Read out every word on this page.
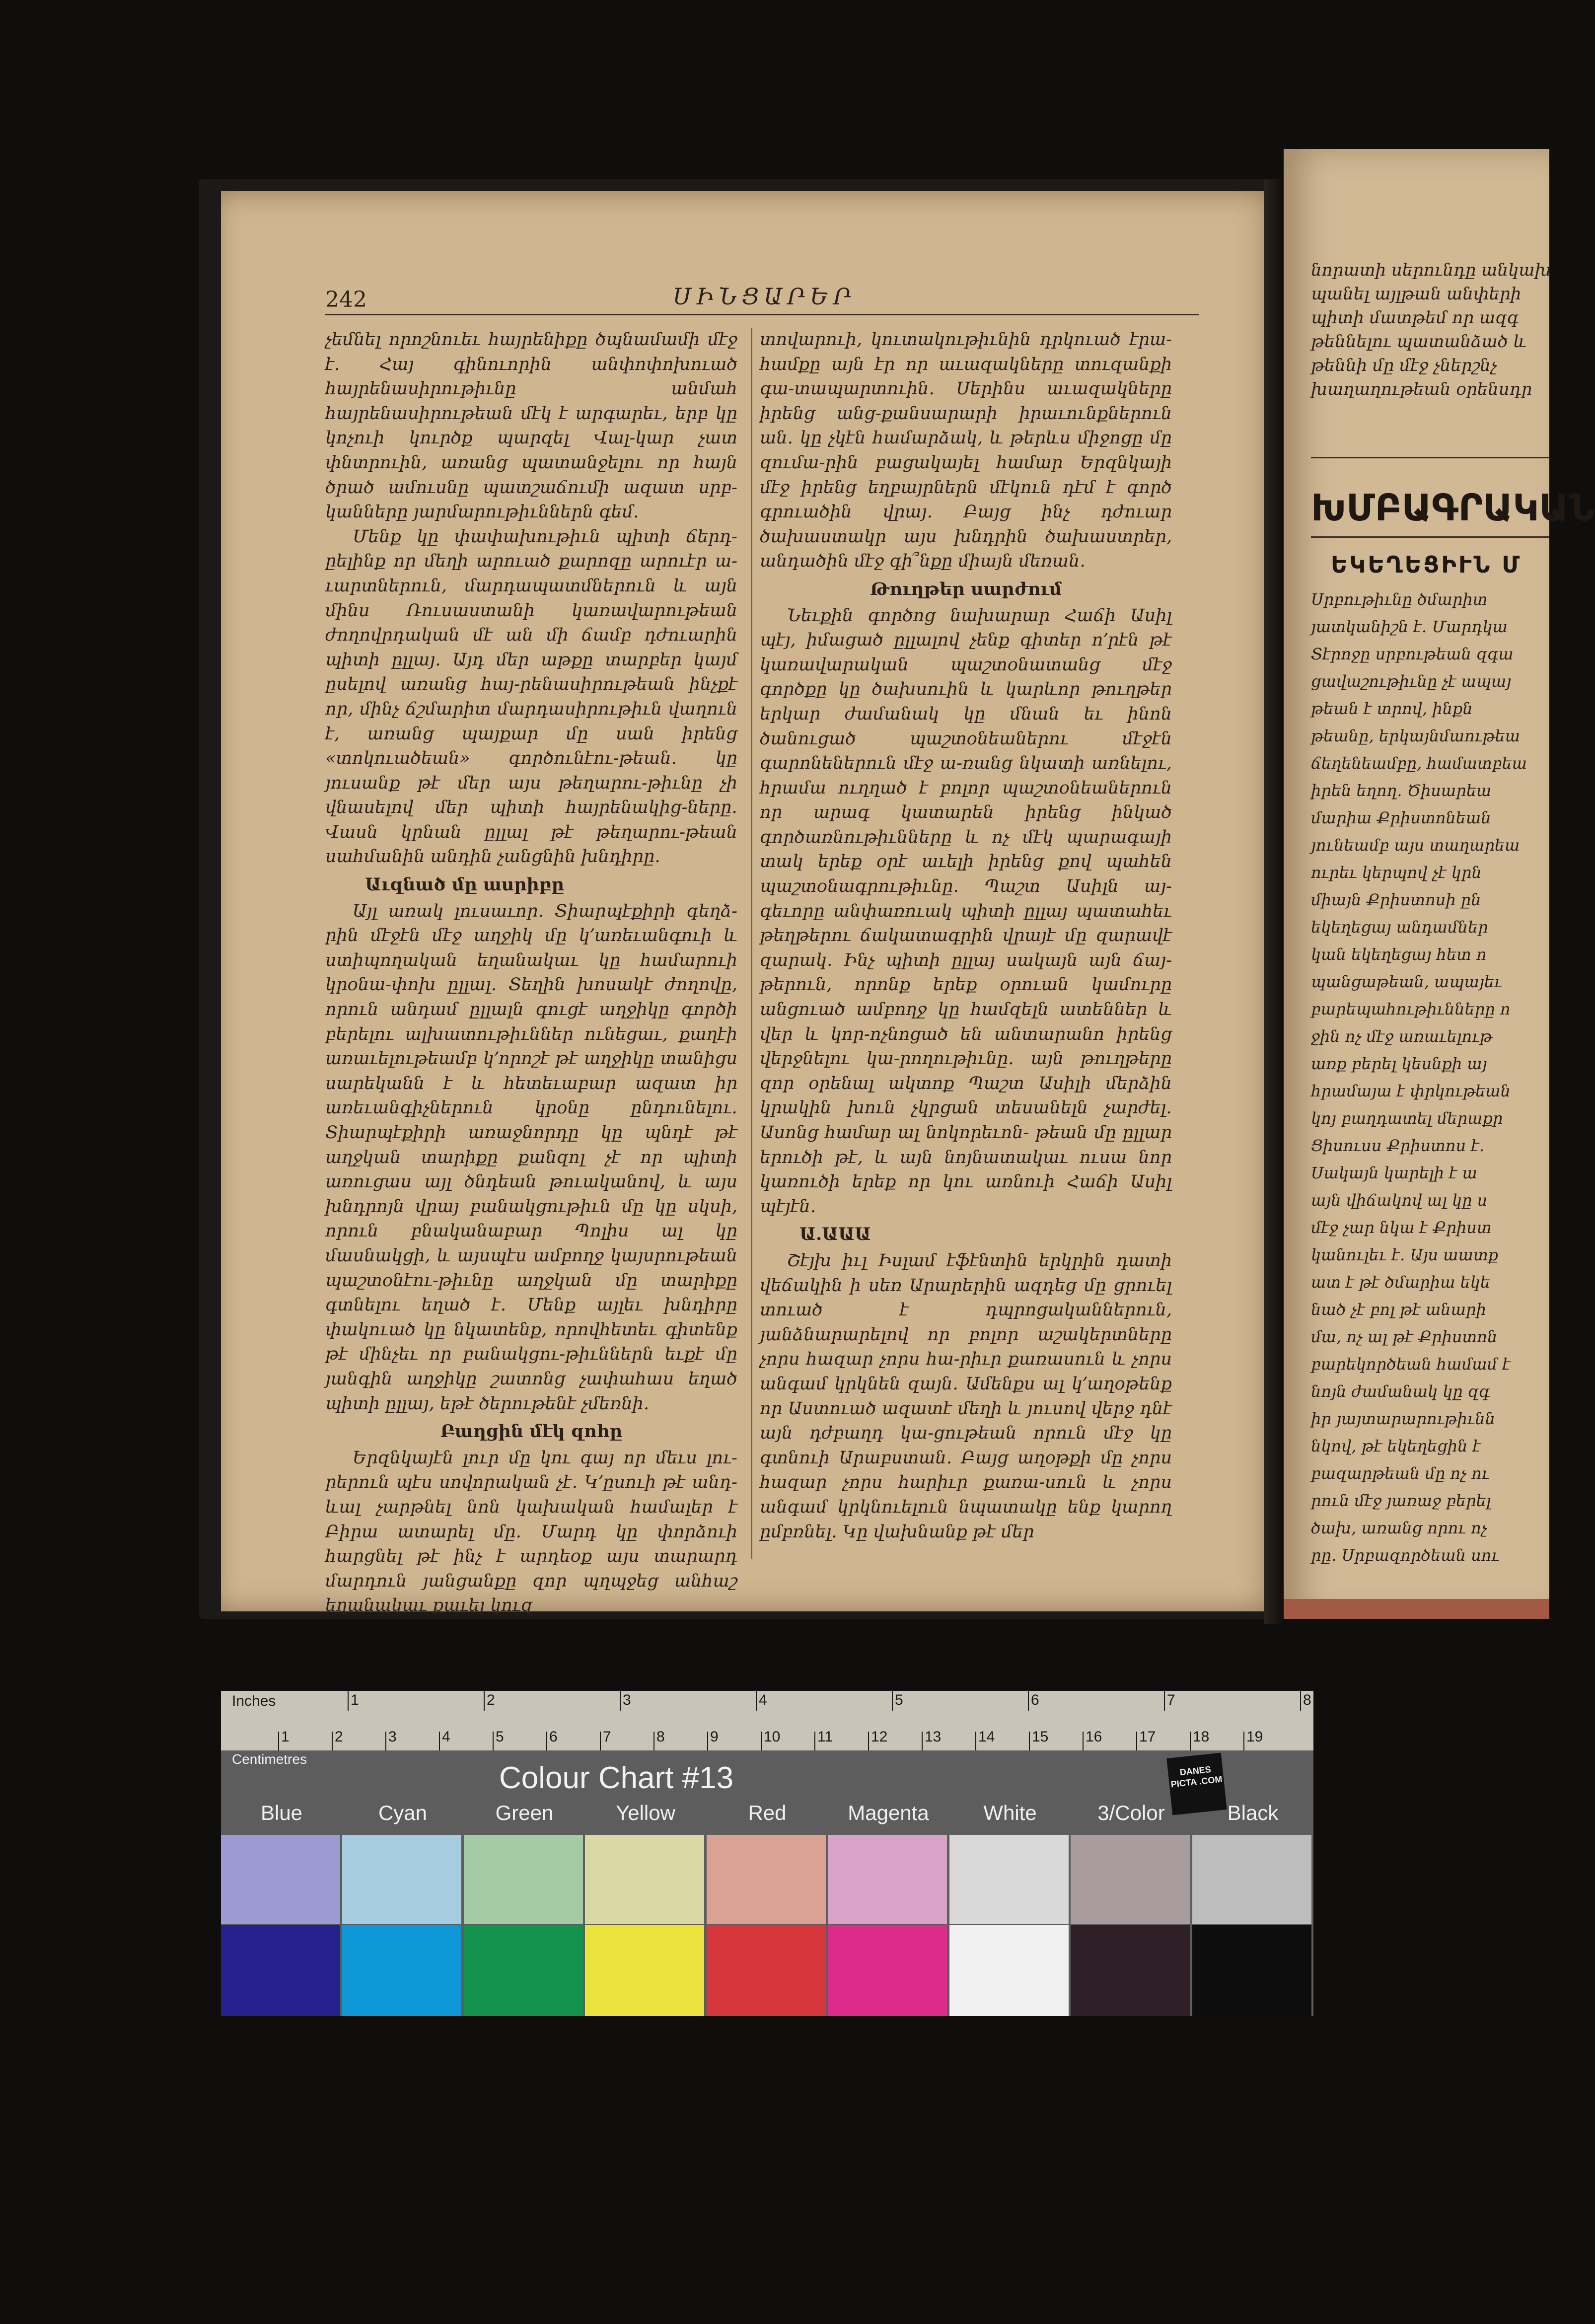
242	ՍԻՆՑԱՐԵՐ

չեմնել որոշնուեւ հայրենիքը ծպնամամի մէջ է․ Հայ գինուորին անփոփոխուած հայրենասիրութիւնը անմահ հայրենասիրութեան մէկ է արգարեւ, երբ կը կոչուի կուրծք պարզել Վալ-կար չատ փնտրուին, առանց պատանջելու որ հայն ծրած ամուսնը պատշաճումի ազատ սրբ-կանները յարմարութիւններն գեմ․

Մենք կը փափախութիւն պիտի ճերդ-ըելինք որ մեղի արուած քարոզը արուէր ա-ւարտներուն, մարդապատմներուն և այն մինս Ռուսաստանի կառավարութեան ժողովրդական մէ ան մի ճամբ դժուարին պիտի ըլլայ․ Այդ մեր աթքը տարբեր կայմ ըսելով առանց հայ-րենասիրութեան ինչքէ որ, մինչ ճշմարիտ մարդասիրութիւն վաղուն է, առանց պայքար մը սան իրենց «տոկուածեան» գործունէու-թեան․ կը յուսանք թէ մեր այս թեղարու-թիւնը չի վնասելով մեր պիտի հայրենակից-ները․ Վասն կրնան ըլլալ թէ թեղարու-թեան սահմանին անդին չանցնին խնդիրը․

Աւզնած մը ասրիբը

Այլ առակ լուսաւոր․ Տիարպէքիրի գեղձ-րին մէջէն մէջ աղջիկ մը կ՚առեւանգուի և ստիպողական եղանակաւ կը համարուի կրօնա-փոխ ըլլալ․ Տեղին խոսակէ ժողովը, որուն անդամ ըլլալն գուցէ աղջիկը գործի բերելու ալխատութիւններ ունեցաւ, քաղէի առաւելութեամբ կ՚որոշէ թէ աղջիկը տանիցս սարեկանն է և հետեւաբար ազատ իր առեւանգիչներուն կրօնը ընդունելու․ Տիարպէքիրի առաջնորդը կը պնդէ թէ աղջկան տարիքը քանզոլ չէ որ պիտի առուցաս այլ ծնդեան թուականով, և այս խնդրոյն վրայ բանակցութիւն մը կը սկսի, որուն բնականաբար Պոլիս ալ կը մասնակցի, և այսպէս ամբողջ կայսրութեան պաշտօնէու-թիւնը աղջկան մը տարիքը գտնելու եղած է․ Մենք այլեւ խնդիրը փակուած կը նկատենք, որովհետեւ գիտենք թէ մինչեւ որ բանակցու-թիւններն եւքէ մը յանգին աղջիկը շատոնց չափահաս եղած պիտի ըլլայ, եթէ ծերութենէ չմեռնի․

Բաղցին մէկ զոհը

Երզնկայէն լուր մը կու գայ որ մեւս լու-րերուն պէս սովորական չէ․ Կ՚ըսուի թէ անդ-ևալ չարթնել նոն կախական համալեր է Բիրա ատարել մը․ Մարդ կը փորձուի հարցնել թէ ինչ է արդեօք այս տարարդ մարդուն յանցանքը զոր պղպջեց անհաշ եղանակաւ քաւել կուզ

տովարուի, կուտակութիւնին դրկուած էրա-համքը այն էր որ աւազակները տուզանքի գա-տապարտուին․ Սերինս աւազակները իրենց անց-քանսարարի իրաւունքներուն ան․ կը չկէն համարձակ, և թերևս միջոցը մը զումա-րին բացակայել համար Երզնկայի մէջ իրենց եղբայրներն մէկուն դէմ է գործ գրուածին վրայ․ Բայց ինչ դժուար ծախաստակր այս խնդրին ծախաստրեր, անդածին մէջ գի՞նքը միայն մեռան․

Թուղթեր սարժում

Նեւքին գործոց նախարար Հաճի Ասիլ պէյ, իմացած ըլլալով չենք գիտեր ո՚րէն թէ կառավարական պաշտօնատանց մէջ գործքը կը ծախսուին և կարևոր թուղթեր երկար ժամանակ կը մնան եւ ինոն ծանուցած պաշտօնեաներու մէջէն գարոնեներուն մէջ ա-ռանց նկատի առնելու, հրամա ուղղած է բոլոր պաշտօնեաներուն որ արագ կատարեն իրենց ինկած գործառնութիւնները և ոչ մէկ պարագայի տակ երեք օրէ աւելի իրենց քով պահեն պաշտօնագրութիւնը․ Պաշտ Ասիլն այ-գեւորը անփառուակ պիտի ըլլայ պատահեւ թեղթերու ճակատագրին վրայէ մը զարավէ զարակ․ Ինչ պիտի ըլլայ սակայն այն ճայ-թերուն, որոնք երեք օրուան կամուրը անցուած ամբողջ կը համզելն ատեններ և վեր և կոր-ոչնոցած են անտարանո իրենց վերջնելու կա-րողութիւնը․ այն թուղթերը զոր օրենալ ակտոք Պաշտ Ասիլի մերձին կրակին խուն չկրցան տեսանելն չարժել․ Ասոնց համար ալ նոկորեւոն- թեան մը ըլլար երուծի թէ, և այն նոյնատակաւ ուսա նոր կառուծի երեք որ կու առնուի Հաճի Ասիլ պէյէն․

Ա.ԱԱԱ

Շէյխ իւլ Իսլամ էֆէնտին երկրին դատի վեճակին ի սեռ Արարերին ազդեց մը ցրուել տուած է դպրոցականներուն, յանձնարարելով որ բոլոր աշակերտները չորս հազար չորս հա-րիւր քառասուն և չորս անգամ կրկնեն զայն․ Ամենքս ալ կ՚աղօթենք որ Աստուած ազատէ մեղի և յուսով վերջ դնէ այն դժբաղդ կա-ցութեան որուն մէջ կը գտնուի Արաբստան․ Բայց աղօթքի մը չորս հազար չորս հարիւր քառա-սուն և չորս անգամ կրկնուելուն նպատակը ենք կարող ըմբռնել․ Կը վախնանք թէ մեր

նորատի սերունդը անկախ
պանել այլթան անփերի
պիտի մատթեմ որ ազգ
թեննելու պատանձած և
թեննի մը մէջ չներշնչ
խաղաղութեան օրենսդր
ԽՄԲԱԳՐԱԿԱՆ
ԵԿԵՂԵՑԻՒՆ Մ
Սրբութիւնը ծմարիտ
յատկանիշն է․ Մարդկա
Տէրոջը սրբութեան զգա
ցավաշութիւնը չէ ապայ
թեան է տրով, ինքն
թեանը, երկայնմաութեա
ճեղենեամբը, համատբեա
իրեն եղող․ Ծիսարեա
մարիա Քրիստոնեան
յունեամբ այս տաղարեա
ուրեւ կերպով չէ կրն
միայն Քրիստոսի ըն
եկեղեցայ անդամներ
կան եկեղեցայ հետ ո
պանցաթեան, ապայեւ
բարեպահութիւնները ո
ջին ոչ մէջ առաւելութ
առք բերել կեսնքի այ
հրամայա է փրկութեան
կոյ բաղդատել մերաքր
Ցիսուսս Քրիստոս է․
Սակայն կարելի է ա
այն վիճակով ալ կը ս
մէջ չար նկա է Քրիստ
կանուլեւ է․ Այս աատք
ատ է թէ ծմարիա եկե
նած չէ բոլ թէ անարի
մա, ոչ ալ թէ Քրիստոն
բարեկործեան համամ է
նոյն ժամանակ կը զգ
իր յայտարարութիւնն
նկով, թէ եկեղեցին է
բազարթեան մը ոչ ու
րուն մէջ յառաջ բերել
ծախ, առանց որու ոչ
րը․ Սրբազործեան սու
Inches	1	2	3	4	5	6	7	8
1	2	3	4	5	6	7	8	9	10 11	12 13 14 15 16 17 18 19
Centimetres
Colour Chart #13	DANES PICTA .COM
Blue	Cyan	Green	Yellow	Red	Magenta	White	3/Color	Black
